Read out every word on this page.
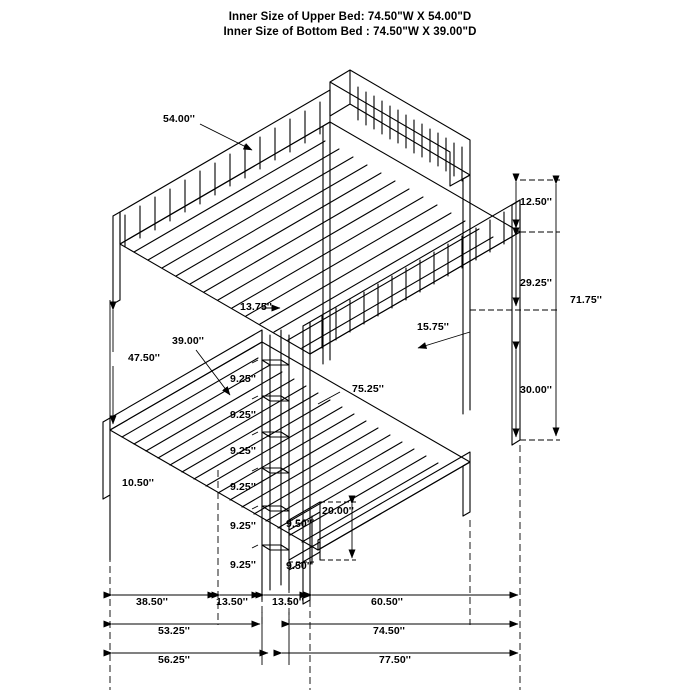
Inner Size of Upper Bed: 74.50"W X 54.00"D
Inner Size of Bottom Bed : 74.50"W X 39.00"D
54.00''
12.50''
29.25''
71.75''
30.00''
13.75''
15.75''
47.50''
39.00''
75.25''
9.25''
9.25''
9.25''
9.25''
9.25''
9.25''
10.50''
9.50''
9.50''
20.00''
38.50''	13.50'' 13.50''	60.50''
53.25''	74.50''
56.25''	77.50''
